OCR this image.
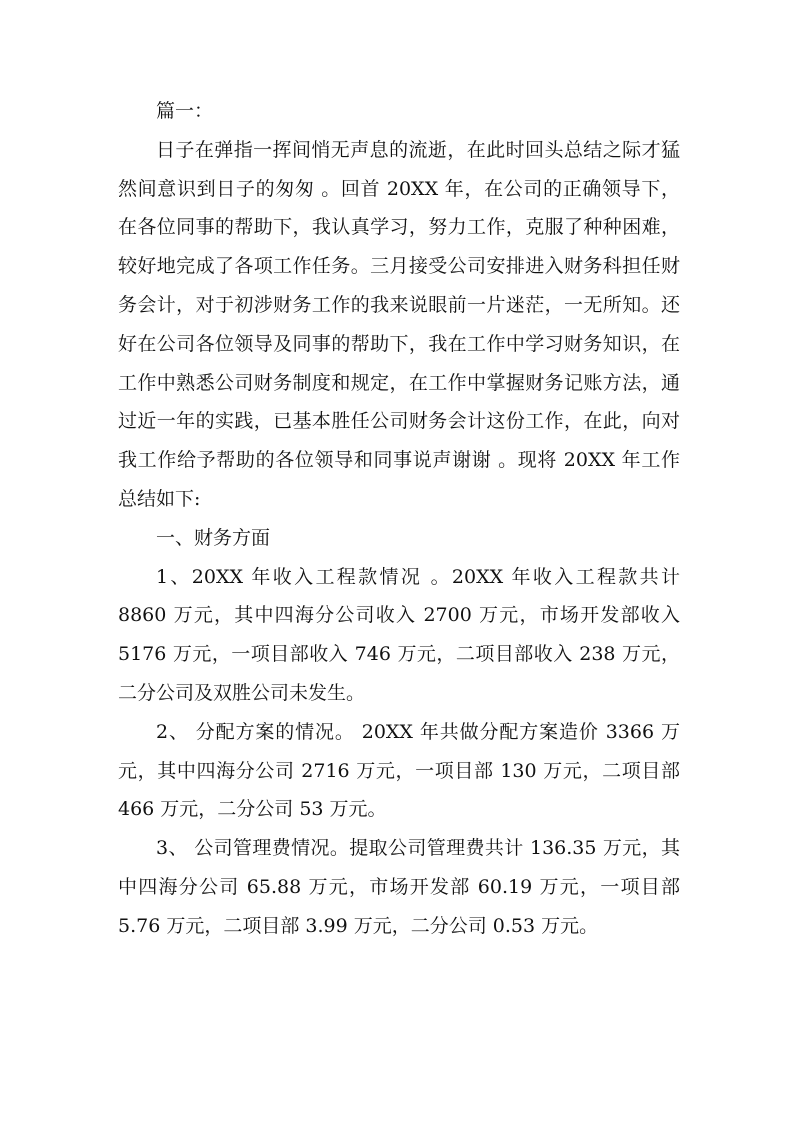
篇一：

日子在弹指一挥间悄无声息的流逝，在此时回头总结之际才猛然间意识到日子的匆匆 。回首 20XX 年，在公司的正确领导下，在各位同事的帮助下，我认真学习，努力工作，克服了种种困难，较好地完成了各项工作任务。三月接受公司安排进入财务科担任财务会计，对于初涉财务工作的我来说眼前一片迷茫，一无所知。还好在公司各位领导及同事的帮助下，我在工作中学习财务知识，在工作中熟悉公司财务制度和规定，在工作中掌握财务记账方法，通过近一年的实践，已基本胜任公司财务会计这份工作，在此，向对我工作给予帮助的各位领导和同事说声谢谢 。现将 20XX 年工作总结如下:

一、财务方面

1、20XX 年收入工程款情况 。20XX 年收入工程款共计 8860 万元，其中四海分公司收入 2700 万元，市场开发部收入 5176 万元，一项目部收入 746 万元，二项目部收入 238 万元，二分公司及双胜公司未发生。

2、 分配方案的情况。 20XX 年共做分配方案造价 3366 万元，其中四海分公司 2716 万元，一项目部 130 万元，二项目部 466 万元，二分公司 53 万元。

3、 公司管理费情况。提取公司管理费共计 136.35 万元，其中四海分公司 65.88 万元，市场开发部 60.19 万元，一项目部 5.76 万元，二项目部 3.99 万元，二分公司 0.53 万元。
